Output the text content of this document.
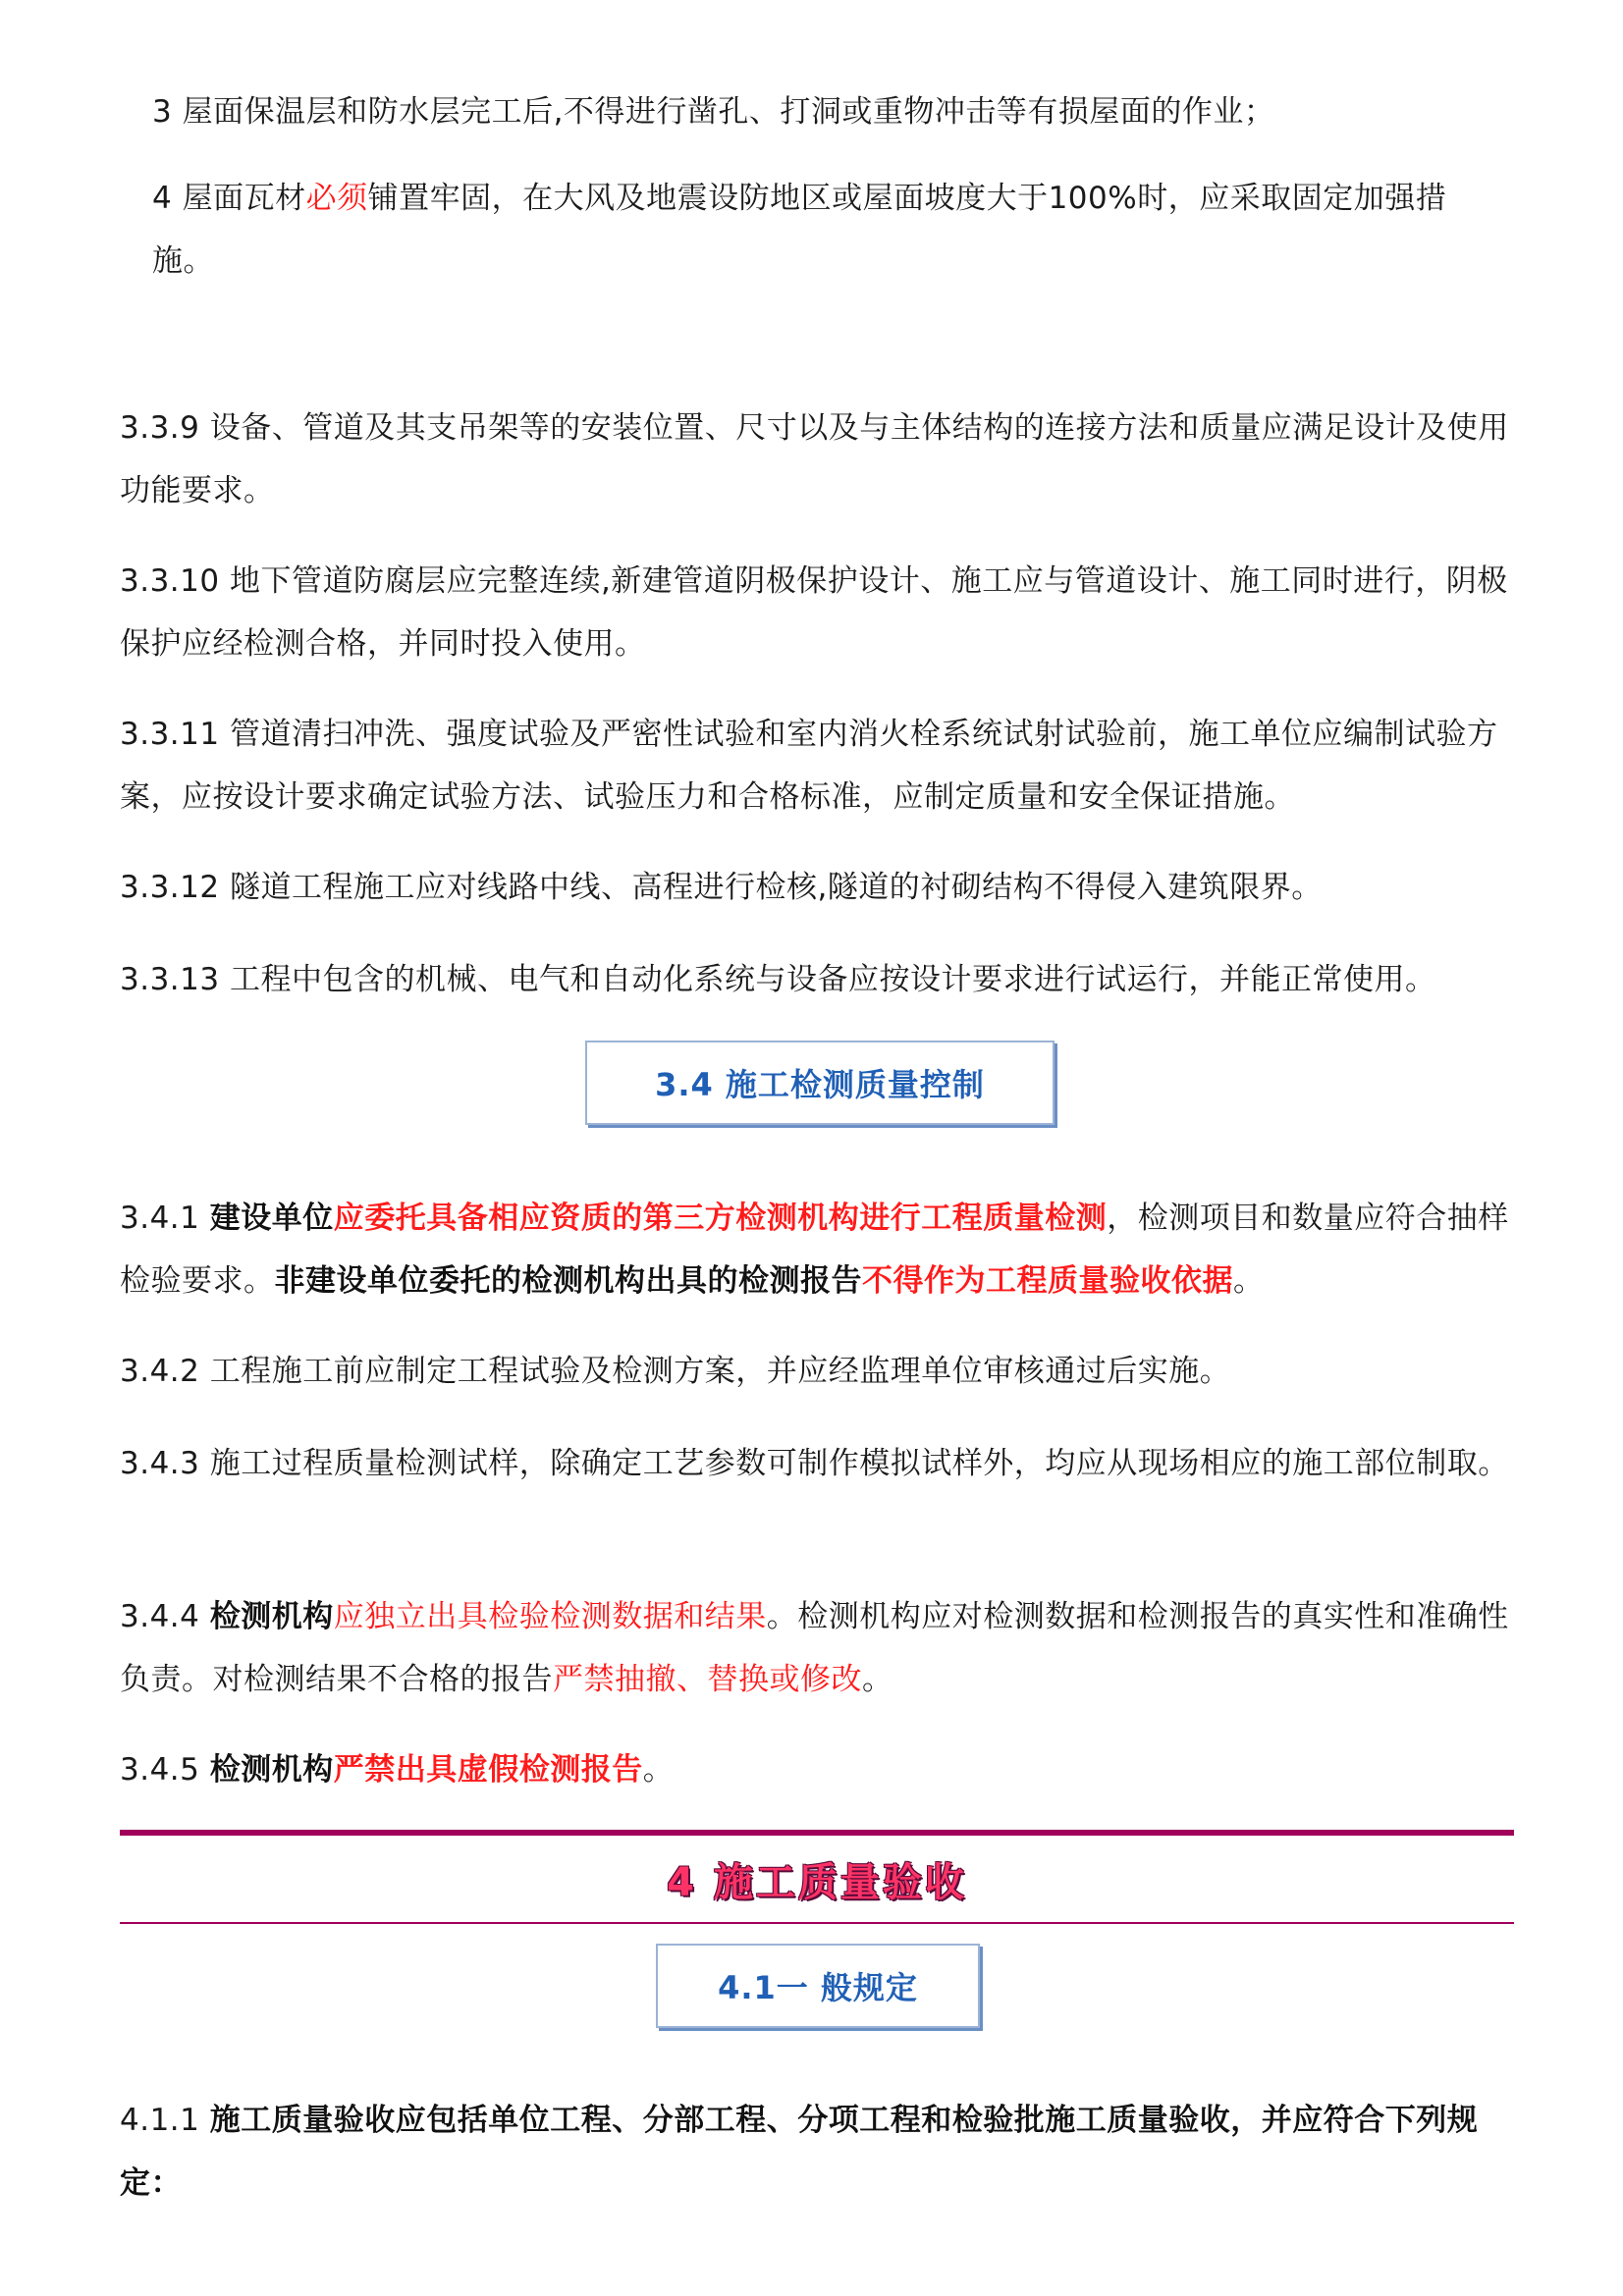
3 屋面保温层和防水层完工后,不得进行凿孔、打洞或重物冲击等有损屋面的作业；

4 屋面瓦材必须铺置牢固，在大风及地震设防地区或屋面坡度大于100%时，应采取固定加强措施。

3.3.9 设备、管道及其支吊架等的安装位置、尺寸以及与主体结构的连接方法和质量应满足设计及使用功能要求。

3.3.10 地下管道防腐层应完整连续,新建管道阴极保护设计、施工应与管道设计、施工同时进行，阴极保护应经检测合格，并同时投入使用。

3.3.11 管道清扫冲洗、强度试验及严密性试验和室内消火栓系统试射试验前，施工单位应编制试验方案，应按设计要求确定试验方法、试验压力和合格标准，应制定质量和安全保证措施。

3.3.12 隧道工程施工应对线路中线、高程进行检核,隧道的衬砌结构不得侵入建筑限界。

3.3.13 工程中包含的机械、电气和自动化系统与设备应按设计要求进行试运行，并能正常使用。

3.4 施工检测质量控制

3.4.1 建设单位应委托具备相应资质的第三方检测机构进行工程质量检测，检测项目和数量应符合抽样检验要求。非建设单位委托的检测机构出具的检测报告不得作为工程质量验收依据。

3.4.2 工程施工前应制定工程试验及检测方案，并应经监理单位审核通过后实施。

3.4.3 施工过程质量检测试样，除确定工艺参数可制作模拟试样外，均应从现场相应的施工部位制取。

3.4.4 检测机构应独立出具检验检测数据和结果。检测机构应对检测数据和检测报告的真实性和准确性负责。对检测结果不合格的报告严禁抽撤、替换或修改。

3.4.5 检测机构严禁出具虚假检测报告。

4 施工质量验收
4.1一 般规定

4.1.1 施工质量验收应包括单位工程、分部工程、分项工程和检验批施工质量验收，并应符合下列规定：
